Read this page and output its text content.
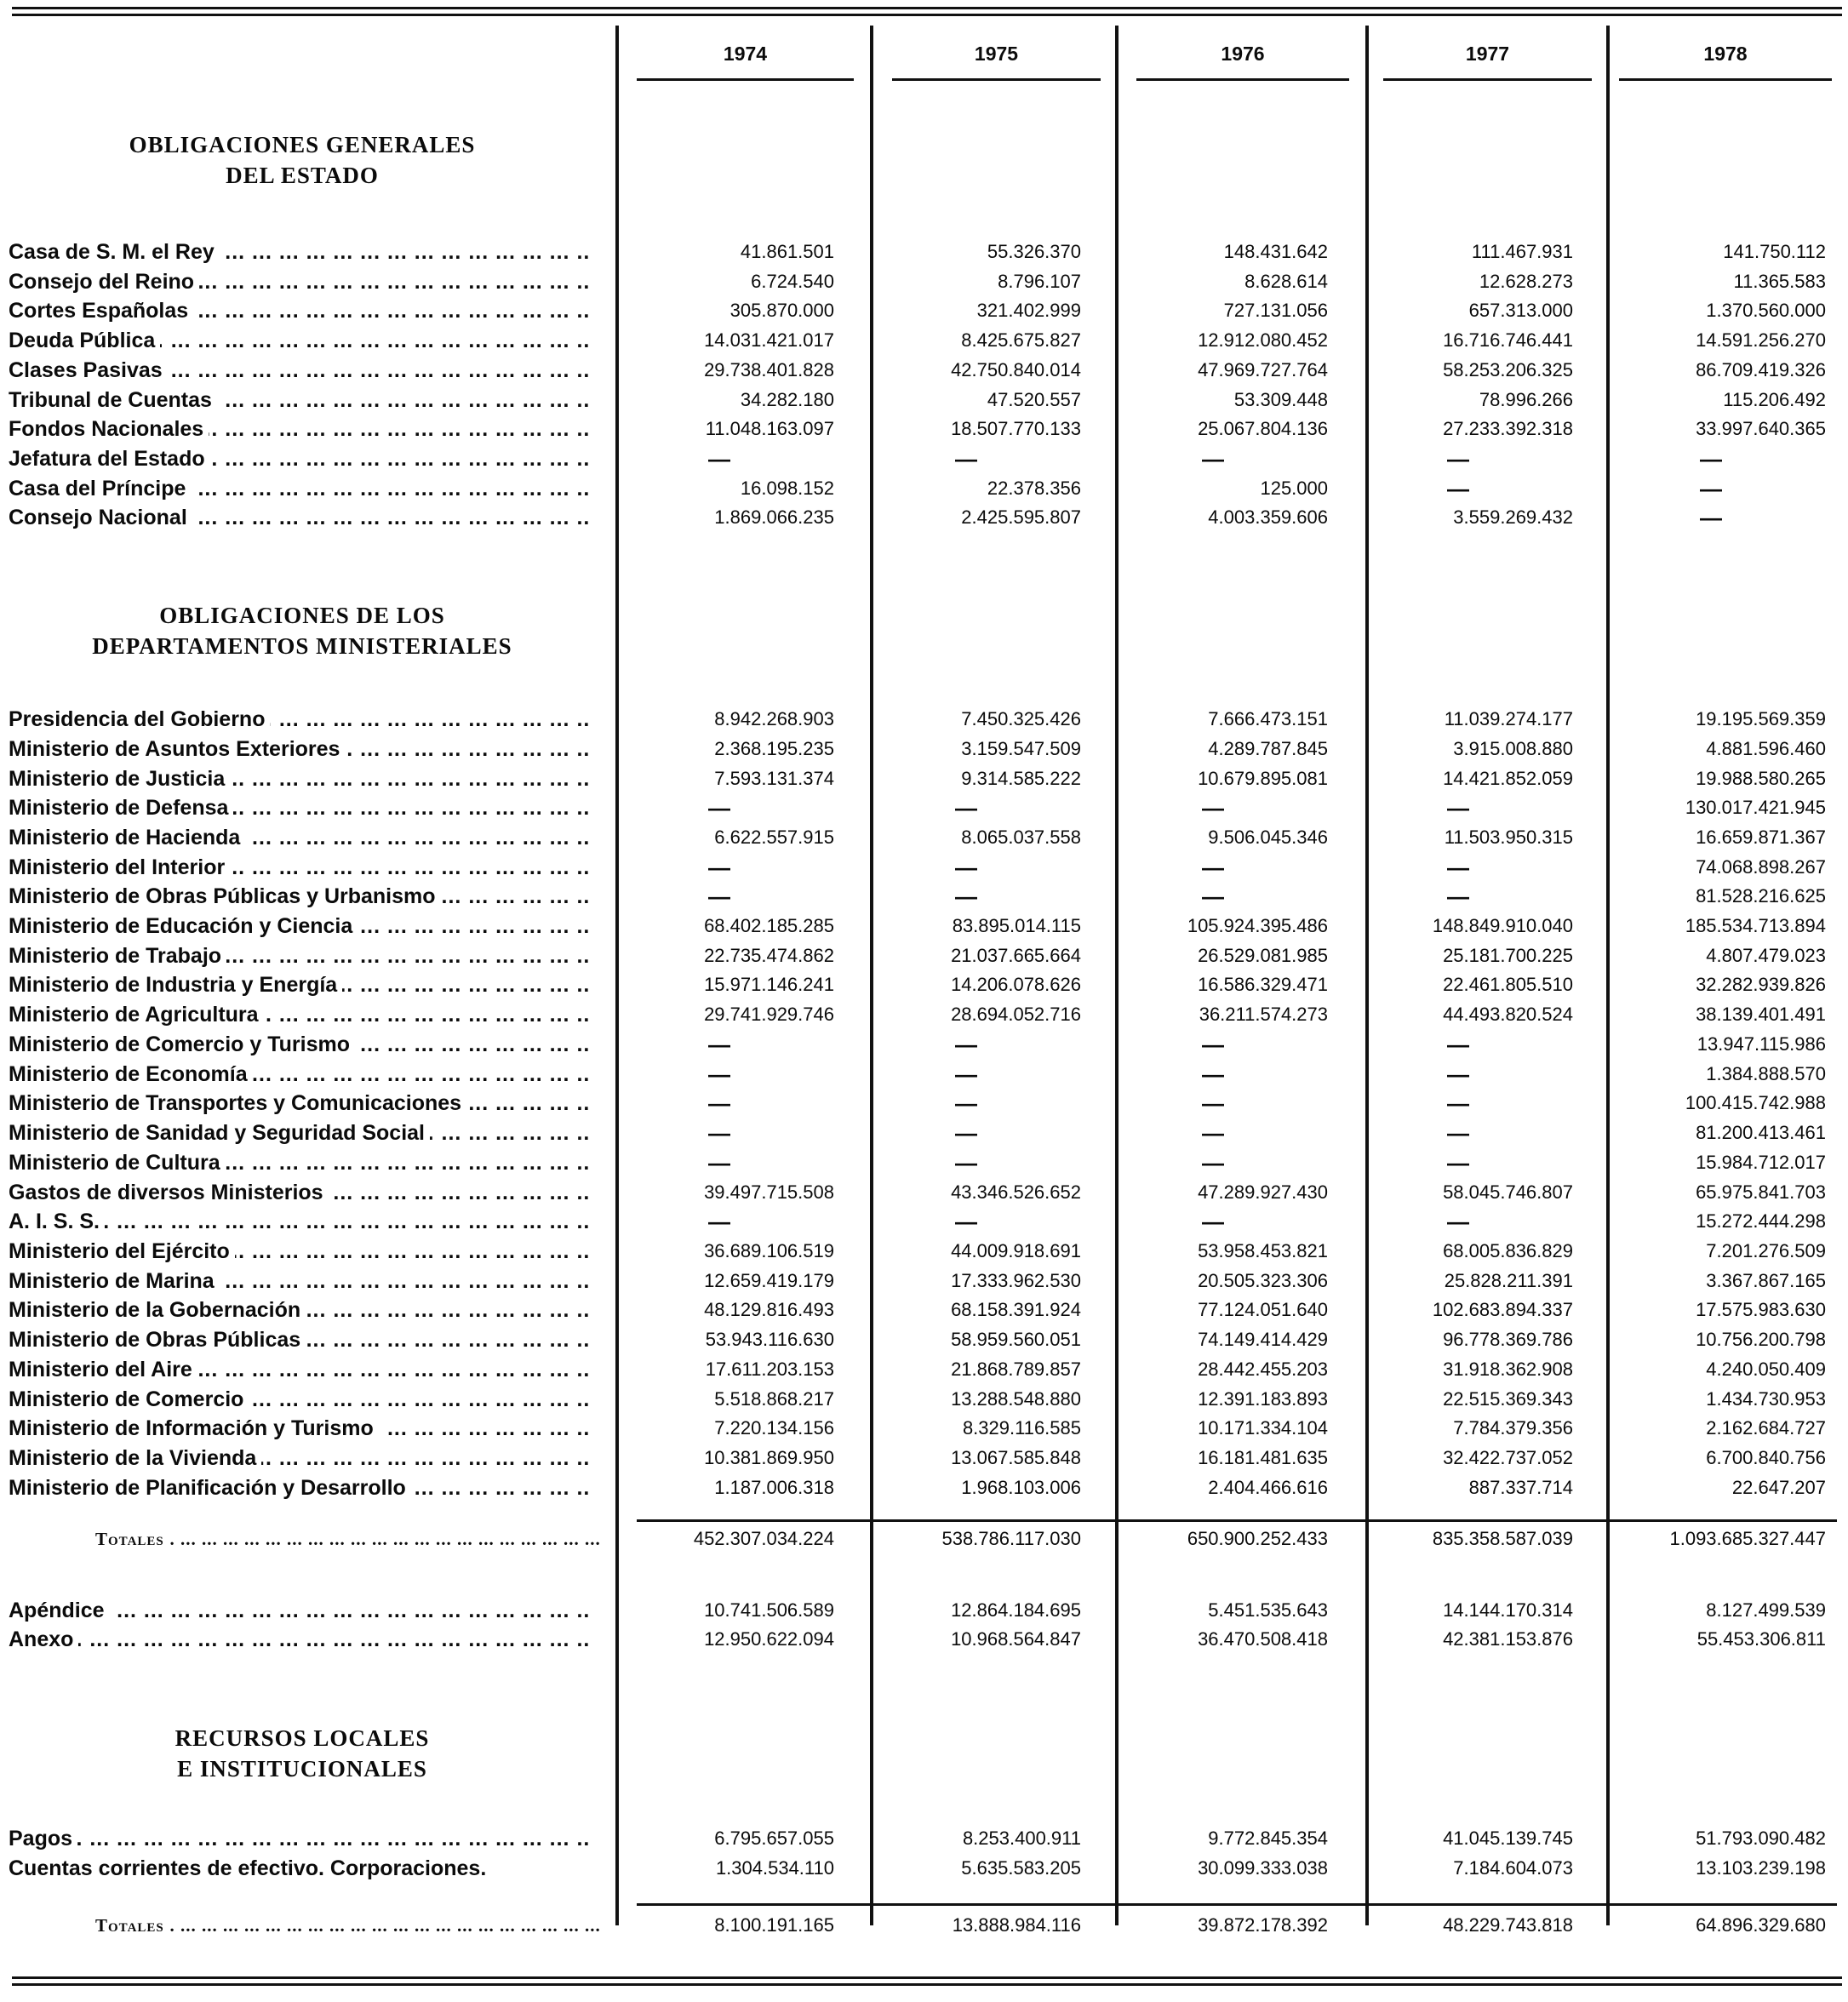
1974	1975	1976	1977	1978
OBLIGACIONES GENERALES
DEL ESTADO
OBLIGACIONES DE LOS
DEPARTAMENTOS MINISTERIALES
RECURSOS LOCALES
E INSTITUCIONALES
Casa de S. M. el Rey ... .	41.861.501	55.326.370	148.431.642	111.467.931	141.750.112
Consejo del Reino ... .	6.724.540	8.796.107	8.628.614	12.628.273	11.365.583
Cortes Españolas ... .	305.870.000	321.402.999	727.131.056	657.313.000	1.370.560.000
Deuda Pública ... .	14.031.421.017	8.425.675.827	12.912.080.452	16.716.746.441	14.591.256.270
Clases Pasivas ... .	29.738.401.828	42.750.840.014	47.969.727.764	58.253.206.325	86.709.419.326
Tribunal de Cuentas ... .	34.282.180	47.520.557	53.309.448	78.996.266	115.206.492
Fondos Nacionales ... .	11.048.163.097	18.507.770.133	25.067.804.136	27.233.392.318	33.997.640.365
Jefatura del Estado ... .	—	—	—	—	—
Casa del Príncipe ... .	16.098.152	22.378.356	125.000	—	—
Consejo Nacional ... .	1.869.066.235	2.425.595.807	4.003.359.606	3.559.269.432	—
Presidencia del Gobierno ... .	8.942.268.903	7.450.325.426	7.666.473.151	11.039.274.177	19.195.569.359
Ministerio de Asuntos Exteriores ... .	2.368.195.235	3.159.547.509	4.289.787.845	3.915.008.880	4.881.596.460
Ministerio de Justicia ... .	7.593.131.374	9.314.585.222	10.679.895.081	14.421.852.059	19.988.580.265
Ministerio de Defensa ... .	—	—	—	—	130.017.421.945
Ministerio de Hacienda ... .	6.622.557.915	8.065.037.558	9.506.045.346	11.503.950.315	16.659.871.367
Ministerio del Interior ... .	—	—	—	—	74.068.898.267
Ministerio de Obras Públicas y Urbanismo ... .	—	—	—	—	81.528.216.625
Ministerio de Educación y Ciencia ... .	68.402.185.285	83.895.014.115	105.924.395.486	148.849.910.040	185.534.713.894
Ministerio de Trabajo ... .	22.735.474.862	21.037.665.664	26.529.081.985	25.181.700.225	4.807.479.023
Ministerio de Industria y Energía ... .	15.971.146.241	14.206.078.626	16.586.329.471	22.461.805.510	32.282.939.826
Ministerio de Agricultura ... .	29.741.929.746	28.694.052.716	36.211.574.273	44.493.820.524	38.139.401.491
Ministerio de Comercio y Turismo ... .	—	—	—	—	13.947.115.986
Ministerio de Economía ... .	—	—	—	—	1.384.888.570
Ministerio de Transportes y Comunicaciones ... .	—	—	—	—	100.415.742.988
Ministerio de Sanidad y Seguridad Social ... .	—	—	—	—	81.200.413.461
Ministerio de Cultura ... .	—	—	—	—	15.984.712.017
Gastos de diversos Ministerios ... .	39.497.715.508	43.346.526.652	47.289.927.430	58.045.746.807	65.975.841.703
A. I. S. S. ... .	—	—	—	—	15.272.444.298
Ministerio del Ejército ... .	36.689.106.519	44.009.918.691	53.958.453.821	68.005.836.829	7.201.276.509
Ministerio de Marina ... .	12.659.419.179	17.333.962.530	20.505.323.306	25.828.211.391	3.367.867.165
Ministerio de la Gobernación ... .	48.129.816.493	68.158.391.924	77.124.051.640	102.683.894.337	17.575.983.630
Ministerio de Obras Públicas ... .	53.943.116.630	58.959.560.051	74.149.414.429	96.778.369.786	10.756.200.798
Ministerio del Aire ... .	17.611.203.153	21.868.789.857	28.442.455.203	31.918.362.908	4.240.050.409
Ministerio de Comercio ... .	5.518.868.217	13.288.548.880	12.391.183.893	22.515.369.343	1.434.730.953
Ministerio de Información y Turismo ... .	7.220.134.156	8.329.116.585	10.171.334.104	7.784.379.356	2.162.684.727
Ministerio de la Vivienda ... .	10.381.869.950	13.067.585.848	16.181.481.635	32.422.737.052	6.700.840.756
Ministerio de Planificación y Desarrollo ... .	1.187.006.318	1.968.103.006	2.404.466.616	887.337.714	22.647.207
Totales ... .	452.307.034.224	538.786.117.030	650.900.252.433	835.358.587.039	1.093.685.327.447
Apéndice ... .	10.741.506.589	12.864.184.695	5.451.535.643	14.144.170.314	8.127.499.539
Anexo ... .	12.950.622.094	10.968.564.847	36.470.508.418	42.381.153.876	55.453.306.811
Pagos ... .	6.795.657.055	8.253.400.911	9.772.845.354	41.045.139.745	51.793.090.482
Cuentas corrientes de efectivo. Corporaciones.	1.304.534.110	5.635.583.205	30.099.333.038	7.184.604.073	13.103.239.198
Totales ... .	8.100.191.165	13.888.984.116	39.872.178.392	48.229.743.818	64.896.329.680
